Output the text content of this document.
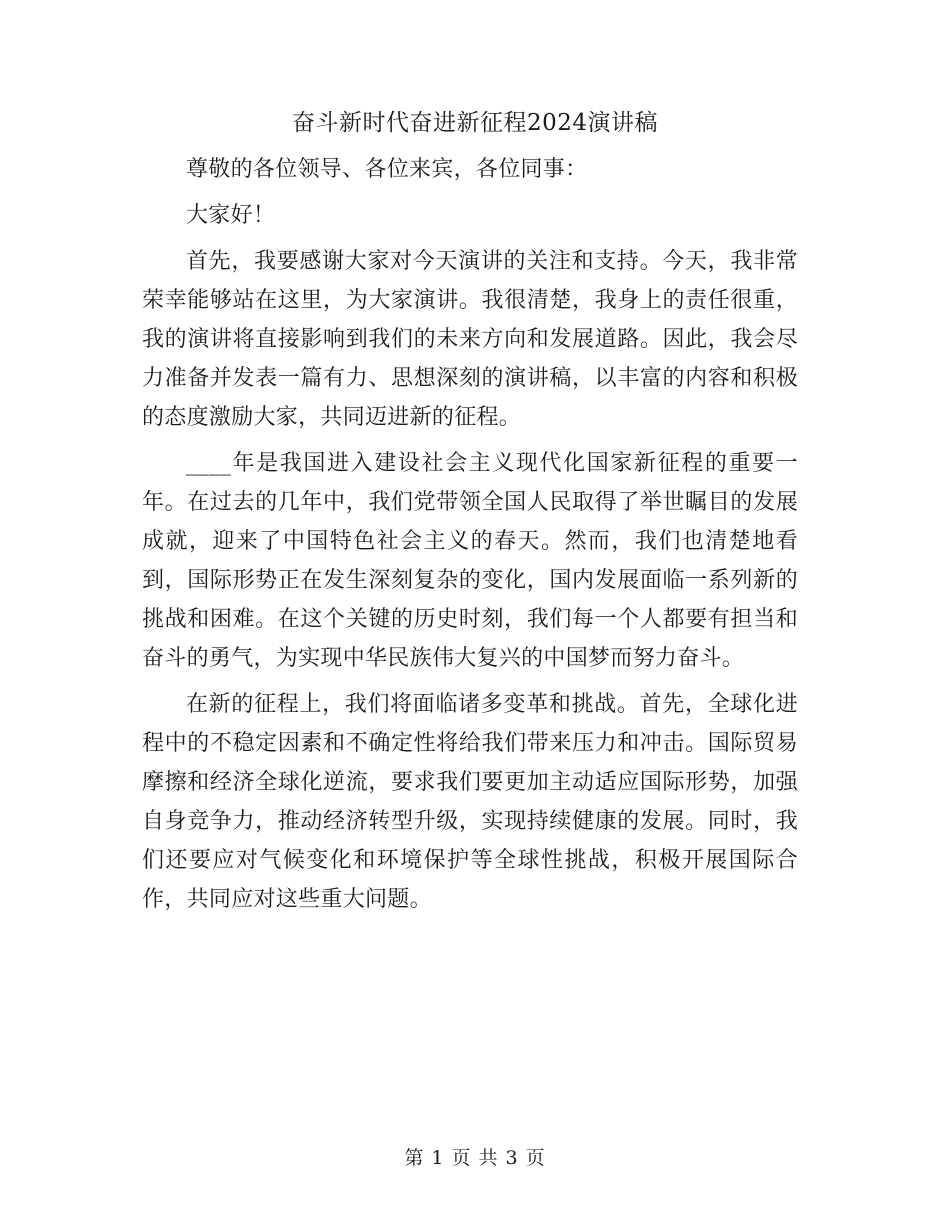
奋斗新时代奋进新征程2024演讲稿

尊敬的各位领导、各位来宾，各位同事：

大家好！

首先，我要感谢大家对今天演讲的关注和支持。今天，我非常荣幸能够站在这里，为大家演讲。我很清楚，我身上的责任很重，我的演讲将直接影响到我们的未来方向和发展道路。因此，我会尽力准备并发表一篇有力、思想深刻的演讲稿，以丰富的内容和积极的态度激励大家，共同迈进新的征程。

____年是我国进入建设社会主义现代化国家新征程的重要一年。在过去的几年中，我们党带领全国人民取得了举世瞩目的发展成就，迎来了中国特色社会主义的春天。然而，我们也清楚地看到，国际形势正在发生深刻复杂的变化，国内发展面临一系列新的挑战和困难。在这个关键的历史时刻，我们每一个人都要有担当和奋斗的勇气，为实现中华民族伟大复兴的中国梦而努力奋斗。

在新的征程上，我们将面临诸多变革和挑战。首先，全球化进程中的不稳定因素和不确定性将给我们带来压力和冲击。国际贸易摩擦和经济全球化逆流，要求我们要更加主动适应国际形势，加强自身竞争力，推动经济转型升级，实现持续健康的发展。同时，我们还要应对气候变化和环境保护等全球性挑战，积极开展国际合作，共同应对这些重大问题。

第 1 页 共 3 页
